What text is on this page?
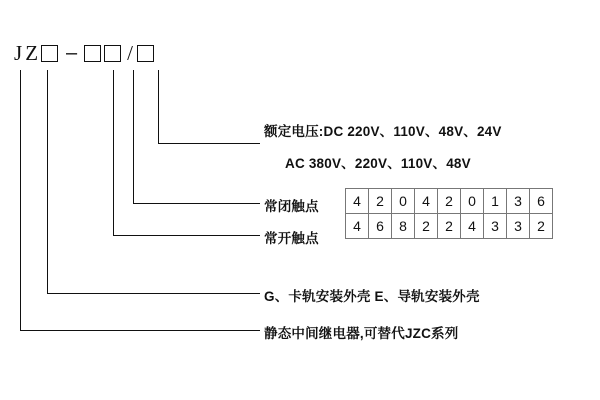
J Z – /
额定电压:DC 220V、110V、48V、24V
AC 380V、220V、110V、48V
常闭触点
常开触点
G、卡轨安装外壳 E、导轨安装外壳
静态中间继电器,可替代JZC系列
4	2	0	4	2	0	1	3	6
4	6	8	2	2	4	3	3	2
